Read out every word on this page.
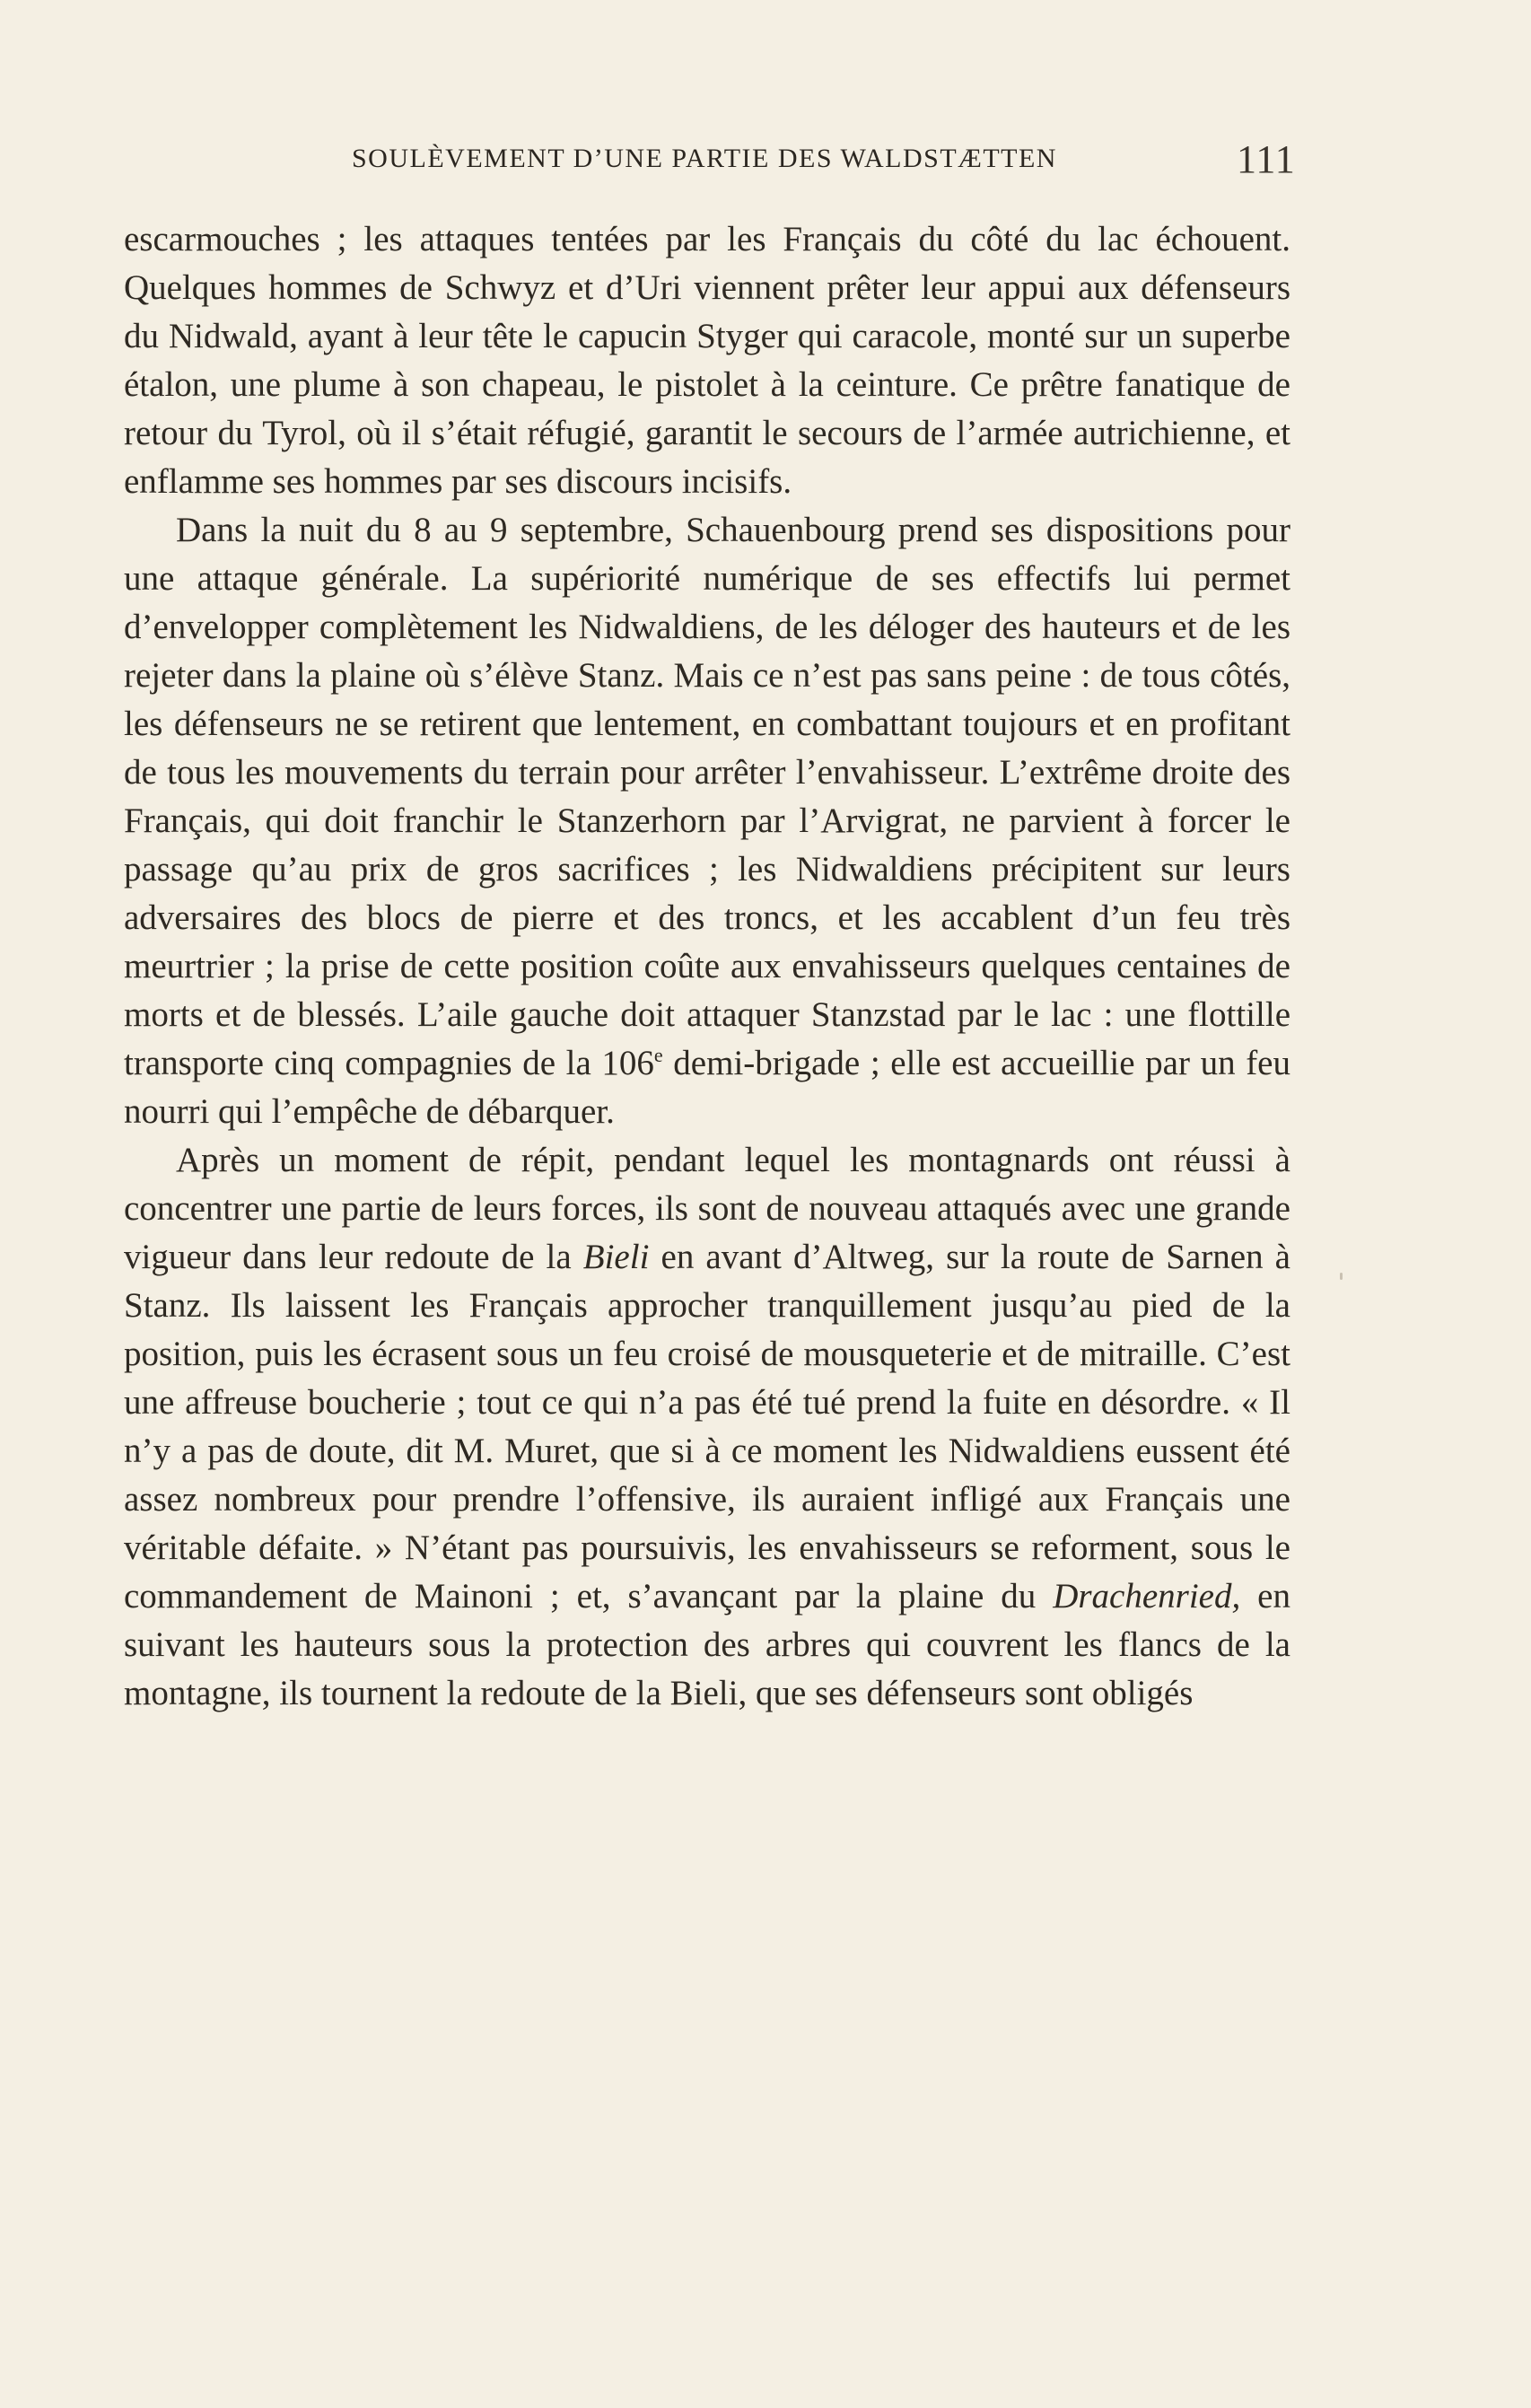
SOULÈVEMENT D’UNE PARTIE DES WALDSTÆTTEN	111

escarmouches ; les attaques tentées par les Français du côté du lac échouent. Quelques hommes de Schwyz et d’Uri viennent prêter leur appui aux défenseurs du Nidwald, ayant à leur tête le capucin Styger qui caracole, monté sur un superbe étalon, une plume à son chapeau, le pistolet à la ceinture. Ce prêtre fanatique de retour du Tyrol, où il s’était réfugié, garantit le secours de l’armée autrichienne, et enflamme ses hommes par ses discours incisifs.

Dans la nuit du 8 au 9 septembre, Schauenbourg prend ses dispositions pour une attaque générale. La supériorité numérique de ses effectifs lui permet d’envelopper complètement les Nidwaldiens, de les déloger des hauteurs et de les rejeter dans la plaine où s’élève Stanz. Mais ce n’est pas sans peine : de tous côtés, les défenseurs ne se retirent que lentement, en combattant toujours et en profitant de tous les mouvements du terrain pour arrêter l’envahisseur. L’extrême droite des Français, qui doit franchir le Stanzerhorn par l’Arvigrat, ne parvient à forcer le passage qu’au prix de gros sacrifices ; les Nidwaldiens précipitent sur leurs adversaires des blocs de pierre et des troncs, et les accablent d’un feu très meurtrier ; la prise de cette position coûte aux envahisseurs quelques centaines de morts et de blessés. L’aile gauche doit attaquer Stanzstad par le lac : une flottille transporte cinq compagnies de la 106e demi-brigade ; elle est accueillie par un feu nourri qui l’empêche de débarquer.

Après un moment de répit, pendant lequel les montagnards ont réussi à concentrer une partie de leurs forces, ils sont de nouveau attaqués avec une grande vigueur dans leur redoute de la Bieli en avant d’Altweg, sur la route de Sarnen à Stanz. Ils laissent les Français approcher tranquillement jusqu’au pied de la position, puis les écrasent sous un feu croisé de mousqueterie et de mitraille. C’est une affreuse boucherie ; tout ce qui n’a pas été tué prend la fuite en désordre. « Il n’y a pas de doute, dit M. Muret, que si à ce moment les Nidwaldiens eussent été assez nombreux pour prendre l’offensive, ils auraient infligé aux Français une véritable défaite. » N’étant pas poursuivis, les envahisseurs se reforment, sous le commandement de Mainoni ; et, s’avançant par la plaine du Drachenried, en suivant les hauteurs sous la protection des arbres qui couvrent les flancs de la montagne, ils tournent la redoute de la Bieli, que ses défenseurs sont obligés
